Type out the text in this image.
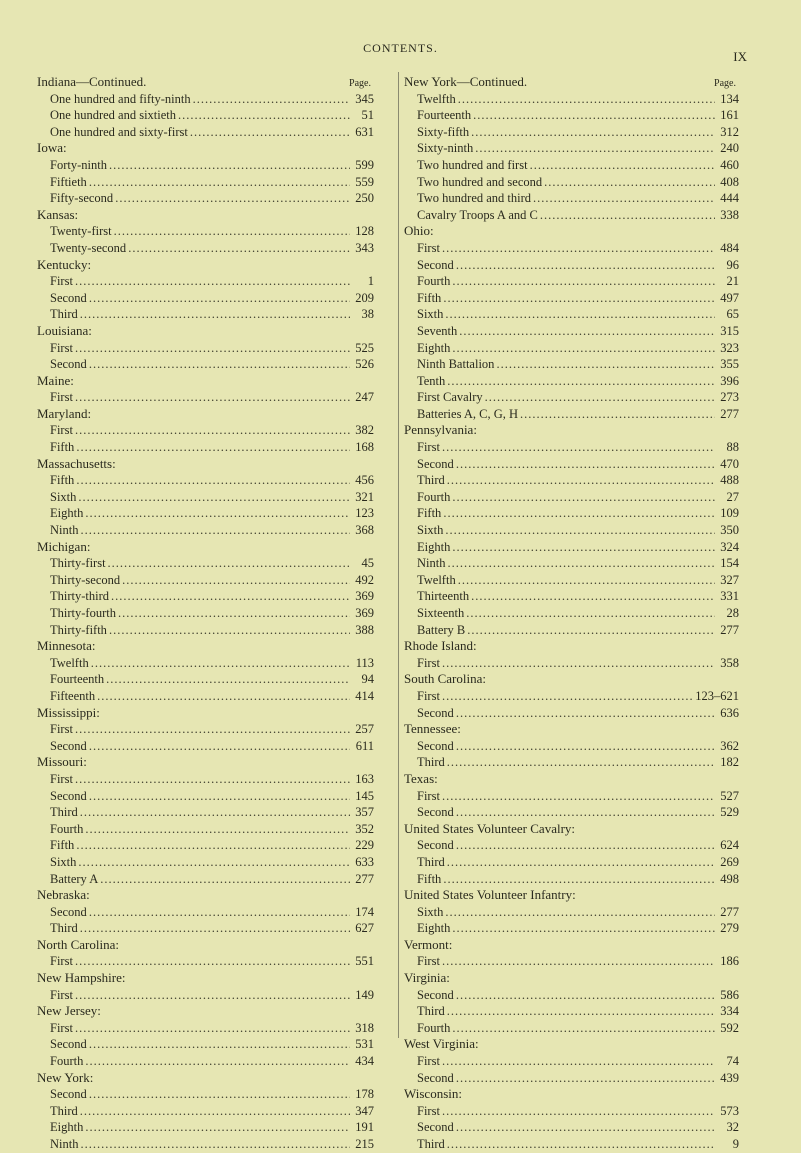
CONTENTS.
IX
Indiana—Continued.	Page.
One hundred and fifty-ninth .....	345
One hundred and sixtieth .....	51
One hundred and sixty-first .....	631
Iowa:
Forty-ninth .....	599
Fiftieth .....	559
Fifty-second .....	250
Kansas:
Twenty-first .....	128
Twenty-second .....	343
Kentucky:
First .....	1
Second .....	209
Third .....	38
Louisiana:
First .....	525
Second .....	526
Maine:
First .....	247
Maryland:
First .....	382
Fifth .....	168
Massachusetts:
Fifth .....	456
Sixth .....	321
Eighth .....	123
Ninth .....	368
Michigan:
Thirty-first .....	45
Thirty-second .....	492
Thirty-third .....	369
Thirty-fourth .....	369
Thirty-fifth .....	388
Minnesota:
Twelfth .....	113
Fourteenth .....	94
Fifteenth .....	414
Mississippi:
First .....	257
Second .....	611
Missouri:
First .....	163
Second .....	145
Third .....	357
Fourth .....	352
Fifth .....	229
Sixth .....	633
Battery A .....	277
Nebraska:
Second .....	174
Third .....	627
North Carolina:
First .....	551
New Hampshire:
First .....	149
New Jersey:
First .....	318
Second .....	531
Fourth .....	434
New York:
Second .....	178
Third .....	347
Eighth .....	191
Ninth .....	215
New York—Continued.	Page.
Twelfth .....	134
Fourteenth .....	161
Sixty-fifth .....	312
Sixty-ninth .....	240
Two hundred and first .....	460
Two hundred and second .....	408
Two hundred and third .....	444
Cavalry Troops A and C .....	338
Ohio:
First .....	484
Second .....	96
Fourth .....	21
Fifth .....	497
Sixth .....	65
Seventh .....	315
Eighth .....	323
Ninth Battalion .....	355
Tenth .....	396
First Cavalry .....	273
Batteries A, C, G, H .....	277
Pennsylvania:
First .....	88
Second .....	470
Third .....	488
Fourth .....	27
Fifth .....	109
Sixth .....	350
Eighth .....	324
Ninth .....	154
Twelfth .....	327
Thirteenth .....	331
Sixteenth .....	28
Battery B .....	277
Rhode Island:
First .....	358
South Carolina:
First .....	123–621
Second .....	636
Tennessee:
Second .....	362
Third .....	182
Texas:
First .....	527
Second .....	529
United States Volunteer Cavalry:
Second .....	624
Third .....	269
Fifth .....	498
United States Volunteer Infantry:
Sixth .....	277
Eighth .....	279
Vermont:
First .....	186
Virginia:
Second .....	586
Third .....	334
Fourth .....	592
West Virginia:
First .....	74
Second .....	439
Wisconsin:
First .....	573
Second .....	32
Third .....	9
